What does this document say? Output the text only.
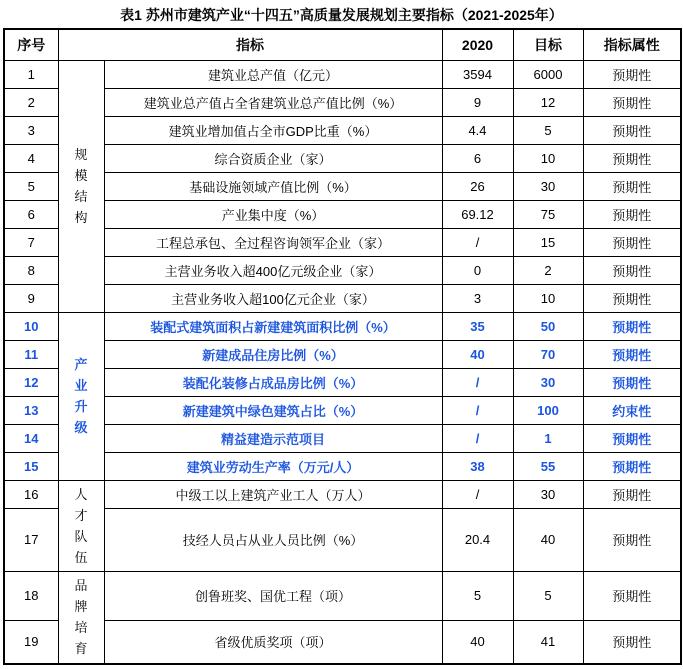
表1 苏州市建筑产业“十四五”高质量发展规划主要指标（2021-2025年）
序号	指标		2020	目标	指标属性
1	规模结构	建筑业总产值（亿元）	3594	6000	预期性
2		建筑业总产值占全省建筑业总产值比例（%）	9	12	预期性
3		建筑业增加值占全市GDP比重（%）	4.4	5	预期性
4		综合资质企业（家）	6	10	预期性
5		基础设施领域产值比例（%）	26	30	预期性
6		产业集中度（%）	69.12	75	预期性
7		工程总承包、全过程咨询领军企业（家）	/	15	预期性
8		主营业务收入超400亿元级企业（家）	0	2	预期性
9		主营业务收入超100亿元企业（家）	3	10	预期性
10	产业升级	装配式建筑面积占新建建筑面积比例（%）	35	50	预期性
11		新建成品住房比例（%）	40	70	预期性
12		装配化装修占成品房比例（%）	/	30	预期性
13		新建建筑中绿色建筑占比（%）	/	100	约束性
14		精益建造示范项目	/	1	预期性
15		建筑业劳动生产率（万元/人）	38	55	预期性
16	人才队伍	中级工以上建筑产业工人（万人）	/	30	预期性
17		技经人员占从业人员比例（%）	20.4	40	预期性
18	品牌培育	创鲁班奖、国优工程（项）	5	5	预期性
19		省级优质奖项（项）	40	41	预期性
